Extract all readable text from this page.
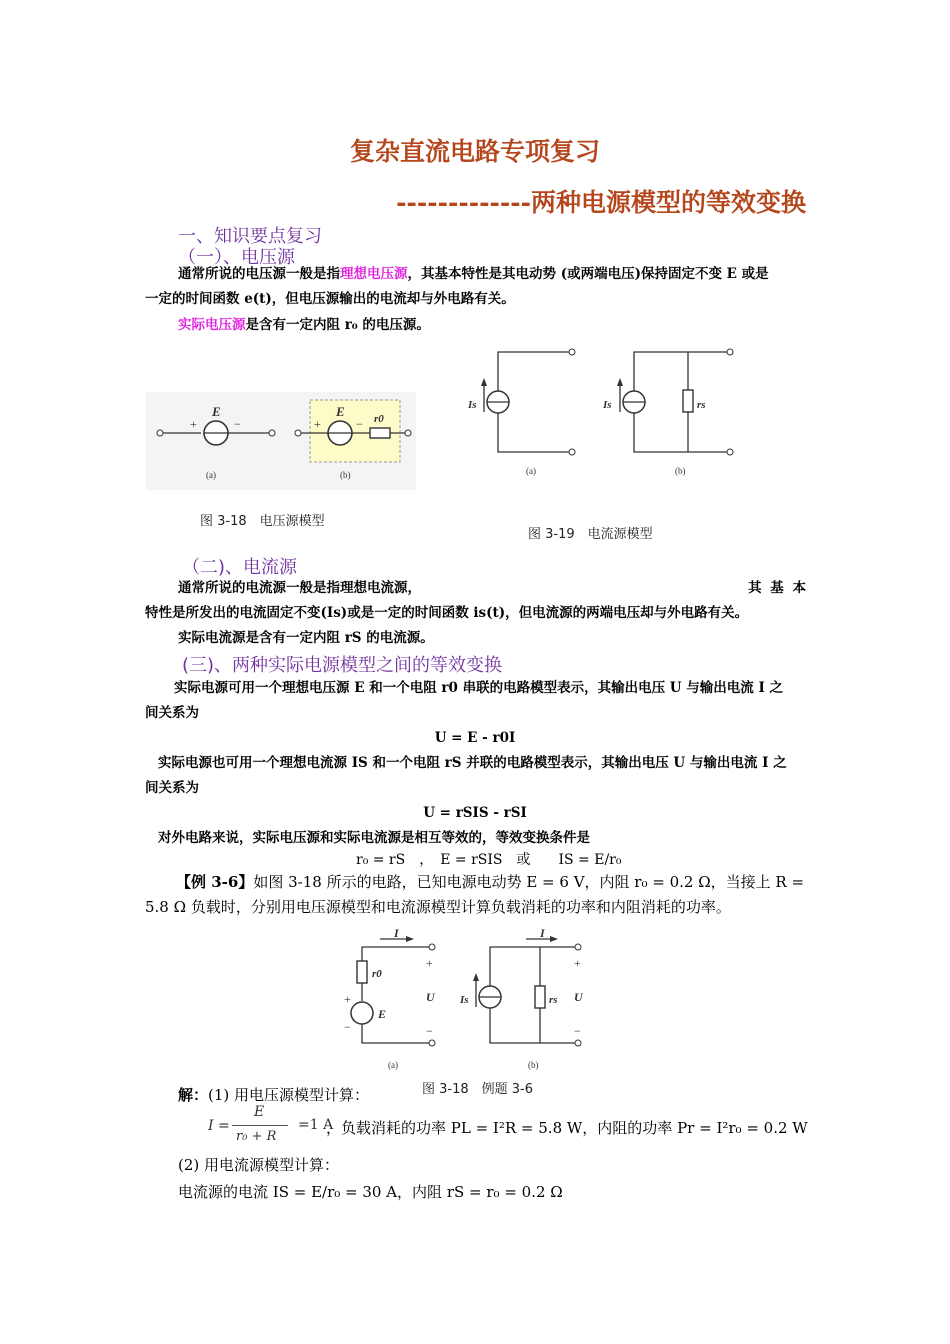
复杂直流电路专项复习
-------------两种电源模型的等效变换
一、知识要点复习
（一）、电压源
通常所说的电压源一般是指理想电压源，其基本特性是其电动势 (或两端电压)保持固定不变 E 或是
一定的时间函数 e(t)，但电压源输出的电流却与外电路有关。
实际电压源是含有一定内阻 r₀ 的电压源。
+
E
−
(a)
+
E
− r0
(b)
Is
(a)
Is	rs
(b)
图 3-18　电压源模型
图 3-19　电流源模型
（二)、电流源
通常所说的电流源一般是指理想电流源，	其 基 本
特性是所发出的电流固定不变(Is)或是一定的时间函数 is(t)，但电流源的两端电压却与外电路有关。
实际电流源是含有一定内阻 rS 的电流源。
(三)、两种实际电源模型之间的等效变换
实际电源可用一个理想电压源 E 和一个电阻 r0 串联的电路模型表示，其输出电压 U 与输出电流 I 之
间关系为
U = E - r0I
实际电源也可用一个理想电流源 IS 和一个电阻 rS 并联的电路模型表示，其输出电压 U 与输出电流 I 之
间关系为
U = rSIS - rSI
对外电路来说，实际电压源和实际电流源是相互等效的，等效变换条件是
r₀ = rS　，　E = rSIS　或　　IS = E/r₀
【例 3-6】如图 3-18 所示的电路，已知电源电动势 E = 6 V，内阻 r₀ = 0.2 Ω，当接上 R =
5.8 Ω 负载时，分别用电压源模型和电流源模型计算负载消耗的功率和内阻消耗的功率。
I
r0
+
−
E
+
U
−
(a)
Is	rs
I
+
U
−
(b)
图 3-18　例题 3-6
解：(1) 用电压源模型计算：
I =
E
r₀ + R
=1 A
，负载消耗的功率 PL = I²R = 5.8 W，内阻的功率 Pr = I²r₀ = 0.2 W
(2) 用电流源模型计算：
电流源的电流 IS = E/r₀ = 30 A，内阻 rS = r₀ = 0.2 Ω
